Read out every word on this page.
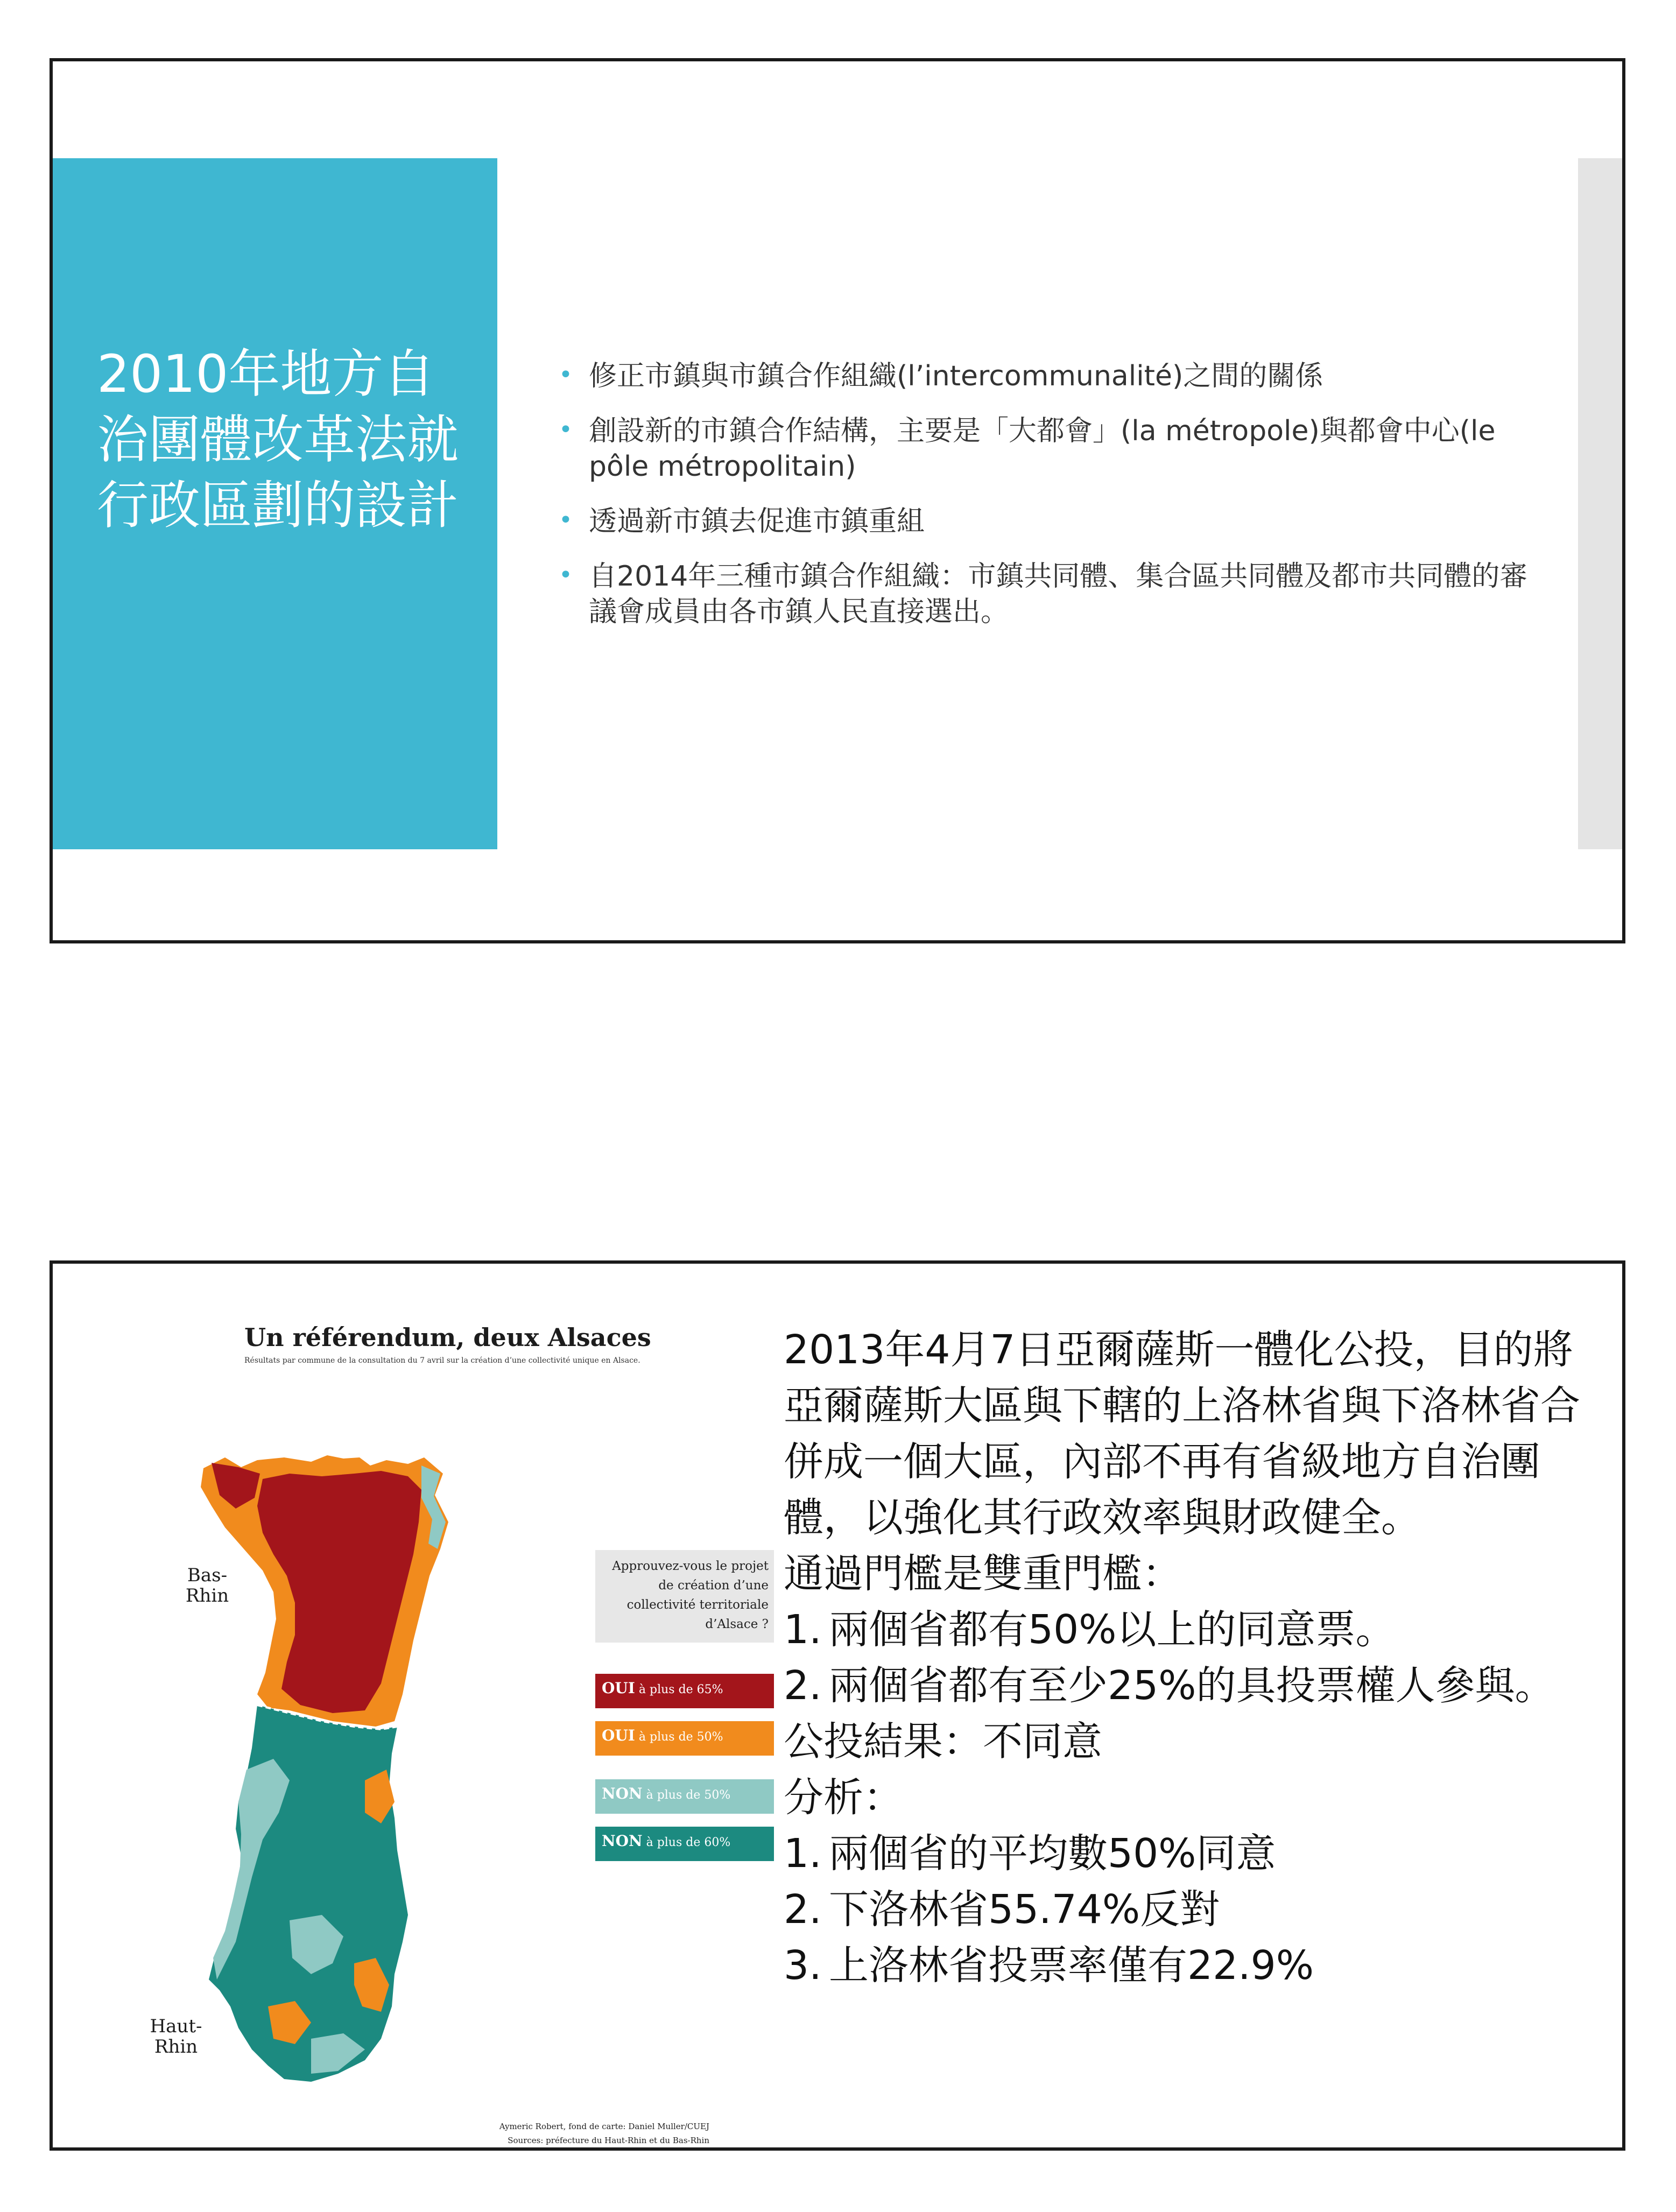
2010年地方自治團體改革法就行政區劃的設計
• 修正市鎮與市鎮合作組織(l’intercommunalité)之間的關係
• 創設新的市鎮合作結構，主要是「大都會」(la métropole)與都會中心(le pôle métropolitain)
• 透過新市鎮去促進市鎮重組
• 自2014年三種市鎮合作組織：市鎮共同體、集合區共同體及都市共同體的審議會成員由各市鎮人民直接選出。
Un référendum, deux Alsaces
Résultats par commune de la consultation du 7 avril sur la création d’une collectivité unique en Alsace.
Bas-Rhin
Haut-Rhin
Approuvez-vous le projet de création d’une collectivité territoriale d’Alsace ?
OUI à plus de 65%
OUI à plus de 50%
NON à plus de 50%
NON à plus de 60%
Aymeric Robert, fond de carte: Daniel Muller/CUEJ
Sources: préfecture du Haut-Rhin et du Bas-Rhin

2013年4月7日亞爾薩斯一體化公投，目的將亞爾薩斯大區與下轄的上洛林省與下洛林省合併成一個大區，內部不再有省級地方自治團體，以強化其行政效率與財政健全。

通過門檻是雙重門檻：

1. 兩個省都有50%以上的同意票。
2. 兩個省都有至少25%的具投票權人參與。

公投結果：不同意

分析：

1. 兩個省的平均數50%同意
2. 下洛林省55.74%反對
3. 上洛林省投票率僅有22.9%
